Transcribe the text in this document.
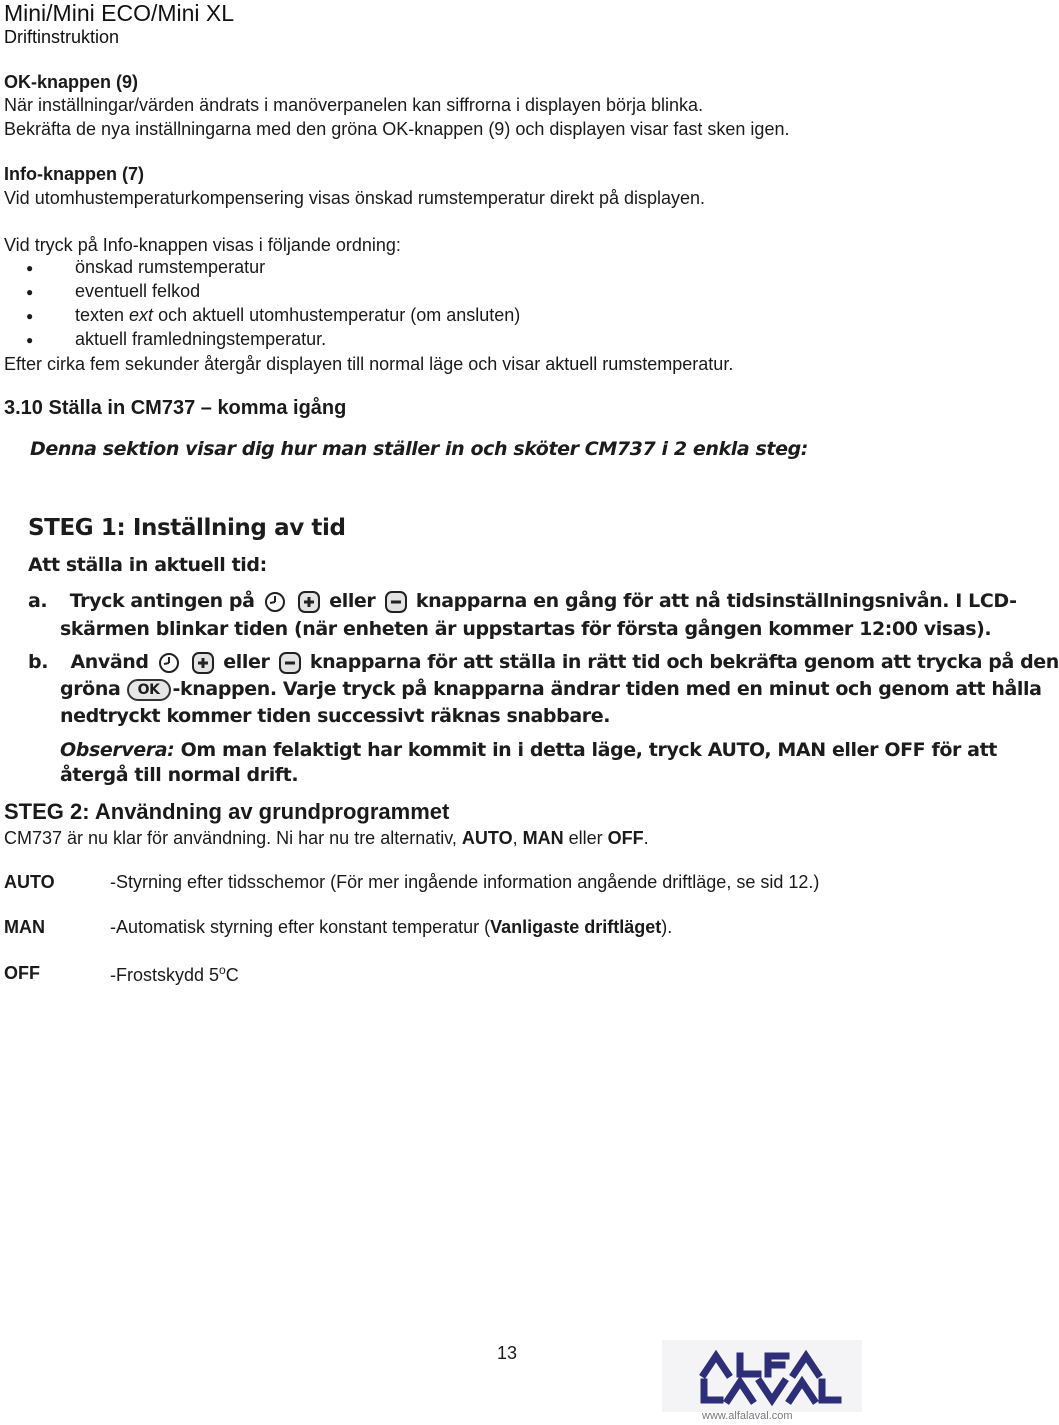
Mini/Mini ECO/Mini XL
Driftinstruktion
OK-knappen (9)
När inställningar/värden ändrats i manöverpanelen kan siffrorna i displayen börja blinka.
Bekräfta de nya inställningarna med den gröna OK-knappen (9) och displayen visar fast sken igen.
Info-knappen (7)
Vid utomhustemperaturkompensering visas önskad rumstemperatur direkt på displayen.
Vid tryck på Info-knappen visas i följande ordning:
● önskad rumstemperatur
● eventuell felkod
● texten ext och aktuell utomhustemperatur (om ansluten)
● aktuell framledningstemperatur.
Efter cirka fem sekunder återgår displayen till normal läge och visar aktuell rumstemperatur.
3.10 Ställa in CM737 – komma igång
Denna sektion visar dig hur man ställer in och sköter CM737 i 2 enkla steg:
STEG 1: Inställning av tid
Att ställa in aktuell tid:
a. Tryck antingen på	eller knapparna en gång för att nå tidsinställningsnivån. I LCD-
skärmen blinkar tiden (när enheten är uppstartas för första gången kommer 12:00 visas).
b. Använd	eller knapparna för att ställa in rätt tid och bekräfta genom att trycka på den
gröna OK -knappen. Varje tryck på knapparna ändrar tiden med en minut och genom att hålla
nedtryckt kommer tiden successivt räknas snabbare.
Observera: Om man felaktigt har kommit in i detta läge, tryck AUTO, MAN eller OFF för att
återgå till normal drift.
STEG 2: Användning av grundprogrammet
CM737 är nu klar för användning. Ni har nu tre alternativ, AUTO, MAN eller OFF.
AUTO	-Styrning efter tidsschemor (För mer ingående information angående driftläge, se sid 12.)
MAN	-Automatisk styrning efter konstant temperatur (Vanligaste driftläget).
OFF	-Frostskydd 5$^o$C
13
www.alfalaval.com
